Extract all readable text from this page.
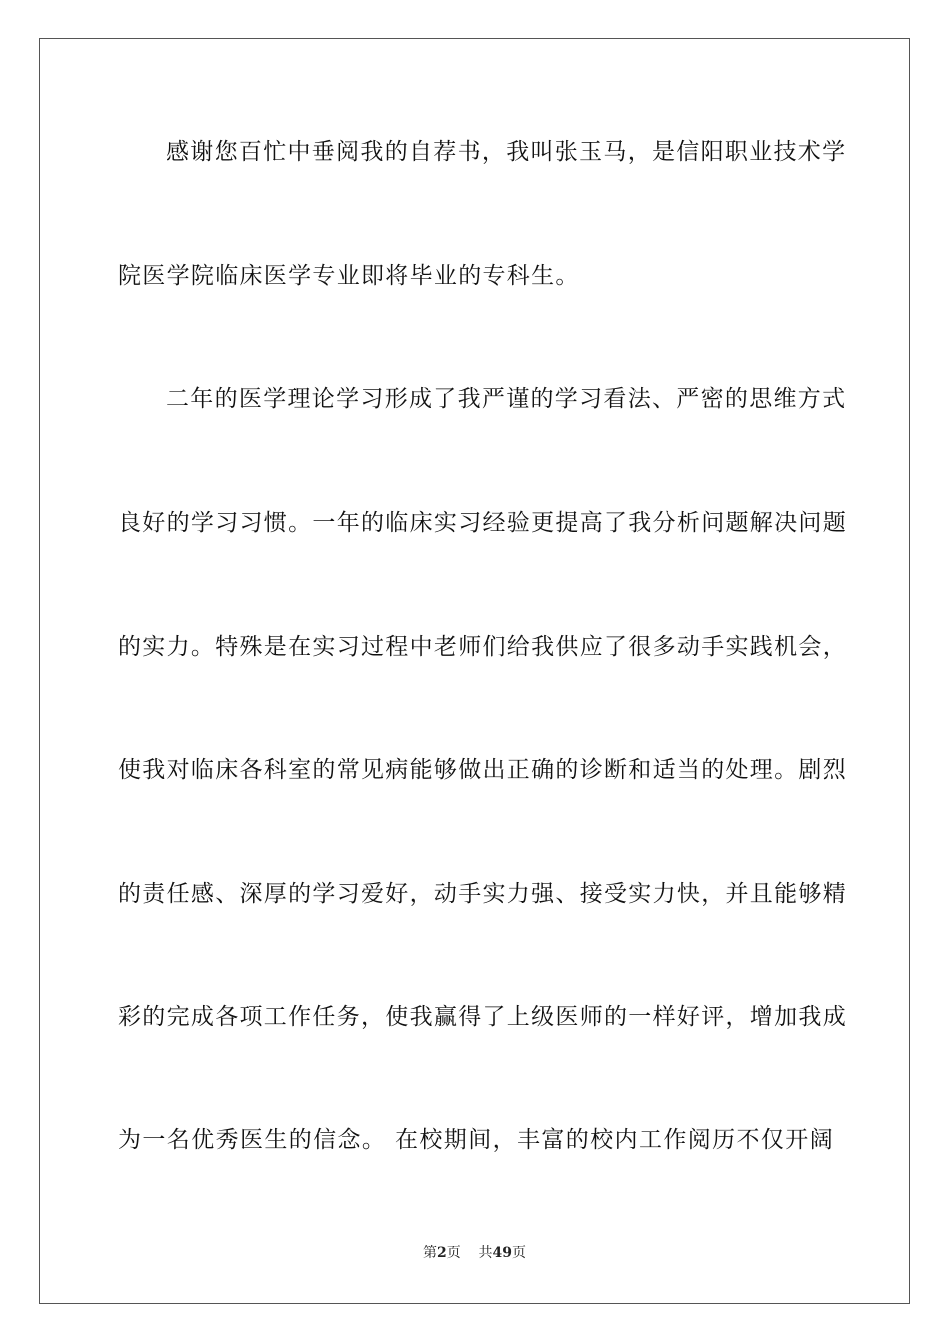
感谢您百忙中垂阅我的自荐书，我叫张玉马，是信阳职业技术学
院医学院临床医学专业即将毕业的专科生。
二年的医学理论学习形成了我严谨的学习看法、严密的思维方式
良好的学习习惯。一年的临床实习经验更提高了我分析问题解决问题
的实力。特殊是在实习过程中老师们给我供应了很多动手实践机会，
使我对临床各科室的常见病能够做出正确的诊断和适当的处理。剧烈
的责任感、深厚的学习爱好，动手实力强、接受实力快，并且能够精
彩的完成各项工作任务，使我赢得了上级医师的一样好评，增加我成
为一名优秀医生的信念。 在校期间，丰富的校内工作阅历不仅开阔
第2页 共49页
